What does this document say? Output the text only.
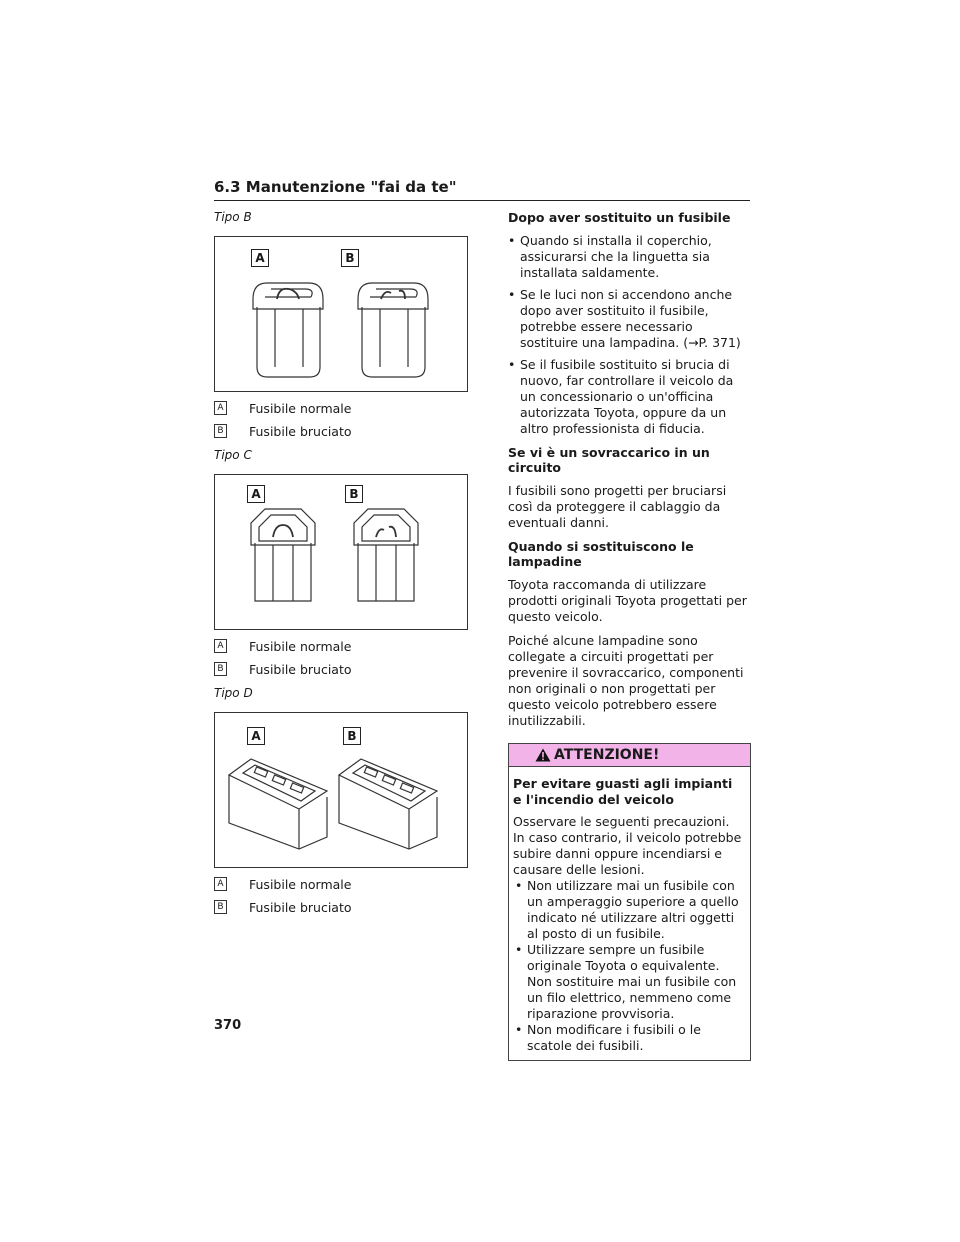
6.3 Manutenzione "fai da te"
Tipo B
A	B
A Fusibile normale
B Fusibile bruciato
Tipo C
A	B
A Fusibile normale
B Fusibile bruciato
Tipo D
A	B
A Fusibile normale
B Fusibile bruciato
Dopo aver sostituito un fusibile
• Quando si installa il coperchio, assicurarsi che la linguetta sia installata saldamente.
• Se le luci non si accendono anche dopo aver sostituito il fusibile, potrebbe essere necessario sostituire una lampadina. (→P. 371)
• Se il fusibile sostituito si brucia di nuovo, far controllare il veicolo da un concessionario o un'officina autorizzata Toyota, oppure da un altro professionista di fiducia.
Se vi è un sovraccarico in un circuito
I fusibili sono progetti per bruciarsi così da proteggere il cablaggio da eventuali danni.
Quando si sostituiscono le lampadine
Toyota raccomanda di utilizzare prodotti originali Toyota progettati per questo veicolo.
Poiché alcune lampadine sono collegate a circuiti progettati per prevenire il sovraccarico, componenti non originali o non progettati per questo veicolo potrebbero essere inutilizzabili.
ATTENZIONE!
Per evitare guasti agli impianti e l'incendio del veicolo
Osservare le seguenti precauzioni. In caso contrario, il veicolo potrebbe subire danni oppure incendiarsi e causare delle lesioni.
• Non utilizzare mai un fusibile con un amperaggio superiore a quello indicato né utilizzare altri oggetti al posto di un fusibile.
• Utilizzare sempre un fusibile originale Toyota o equivalente. Non sostituire mai un fusibile con un filo elettrico, nemmeno come riparazione provvisoria.
• Non modificare i fusibili o le scatole dei fusibili.
370
